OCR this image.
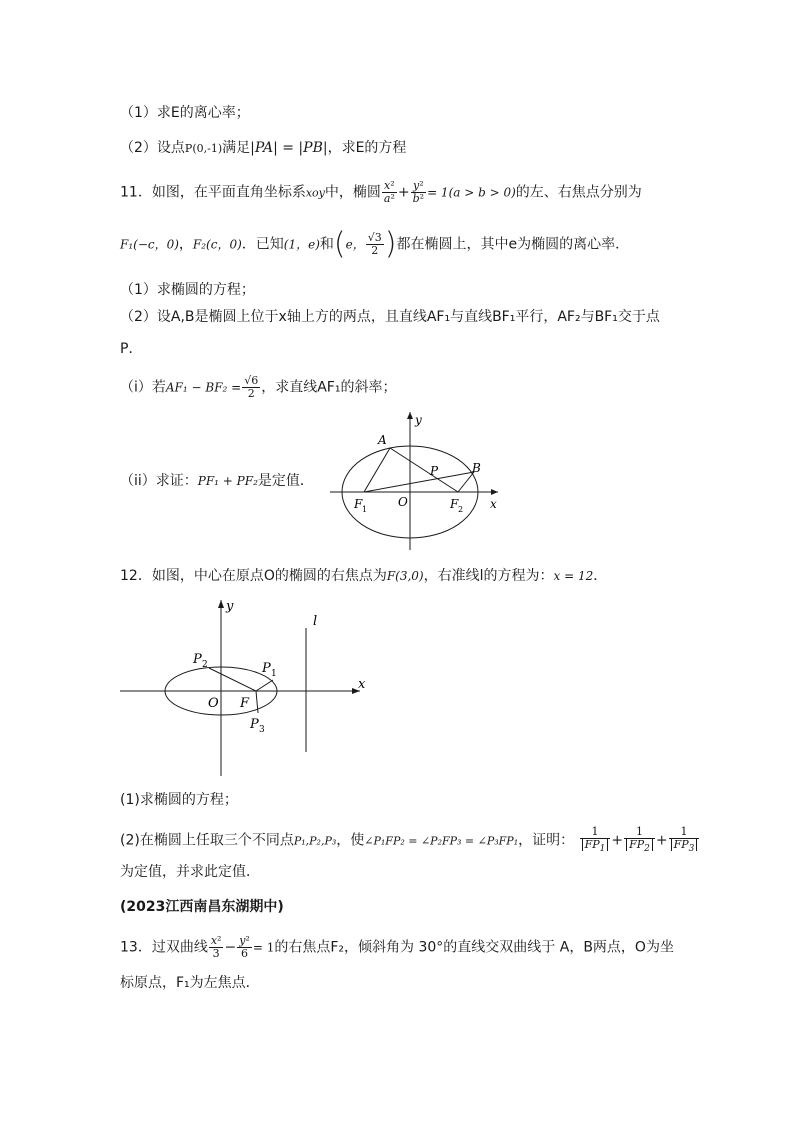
（1）求E的离心率；
（2）设点P(0,-1)满足|PA| = |PB|，求E的方程
11．如图，在平面直角坐标系xoy中，椭圆 $\frac{\text{x²}}{\text{a²}} + \frac{\text{y²}}{\text{b²}} = 1(a > b > 0)$的左、右焦点分别为
F₁(−c，0)，F₂(c，0)．已知(1，e)和(e， $\frac{√3}{2}$ )都在椭圆上，其中e为椭圆的离心率．
（1）求椭圆的方程；
（2）设A,B是椭圆上位于x轴上方的两点，且直线AF₁与直线BF₁平行，AF₂与BF₁交于点
P．
（i）若$AF_1 - BF_2 = \frac{√6}{2}$ ，求直线AF₁的斜率；
（ii）求证：PF₁ + PF₂是定值．
y
x
A
B
P
O
F 1	F 2
12．如图，中心在原点O的椭圆的右焦点为F(3,0)，右准线l的方程为：x = 12．
y
x
l
O F
P 2	P 1
P 3
(1)求椭圆的方程；
(2)在椭圆上任取三个不同点P₁,P₂,P₃，使∠P₁FP₂ = ∠P₂FP₃ = ∠P₃FP₁，证明： $\frac{1}{FP_1} + \frac{1}{FP_2} + \frac{1}{FP_3}$
为定值，并求此定值．
(2023江西南昌东湖期中)
13．过双曲线 $\frac{\text{x²}}{3} - \frac{\text{y²}}{6} = 1$的右焦点F₂，倾斜角为 30°的直线交双曲线于 A，B两点，O为坐
标原点，F₁为左焦点．
